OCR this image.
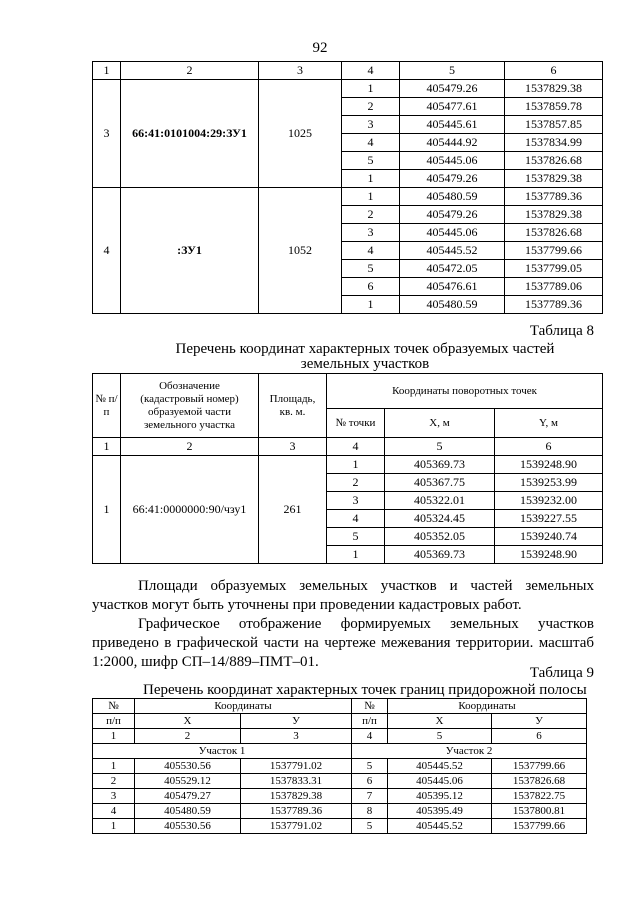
92
1	2	3	4	5	6
3	66:41:0101004:29:ЗУ1	1025	1	405479.26	1537829.38
			2	405477.61	1537859.78
			3	405445.61	1537857.85
			4	405444.92	1537834.99
			5	405445.06	1537826.68
			1	405479.26	1537829.38
4	:ЗУ1	1052	1	405480.59	1537789.36
			2	405479.26	1537829.38
			3	405445.06	1537826.68
			4	405445.52	1537799.66
			5	405472.05	1537799.05
			6	405476.61	1537789.06
			1	405480.59	1537789.36
Таблица 8
Перечень координат характерных точек образуемых частей
земельных участков
№ п/п	Обозначение (кадастровый номер) образуемой части земельного участка	Площадь, кв. м.	Координаты поворотных точек		
			№ точки	X, м	Y, м
1	2	3	4	5	6
1	66:41:0000000:90/чзу1	261	1	405369.73	1539248.90
			2	405367.75	1539253.99
			3	405322.01	1539232.00
			4	405324.45	1539227.55
			5	405352.05	1539240.74
			1	405369.73	1539248.90
Площади образуемых земельных участков и частей земельных участков могут быть уточнены при проведении кадастровых работ.
Графическое отображение формируемых земельных участков приведено в графической части на чертеже межевания территории. масштаб 1:2000, шифр СП–14/889–ПМТ–01.
Таблица 9
Перечень координат характерных точек границ придорожной полосы
№	Координаты		№	Координаты	
п/п	X	У	п/п	X	У
1	2	3	4	5	6
Участок 1			Участок 2		
1	405530.56	1537791.02	5	405445.52	1537799.66
2	405529.12	1537833.31	6	405445.06	1537826.68
3	405479.27	1537829.38	7	405395.12	1537822.75
4	405480.59	1537789.36	8	405395.49	1537800.81
1	405530.56	1537791.02	5	405445.52	1537799.66
